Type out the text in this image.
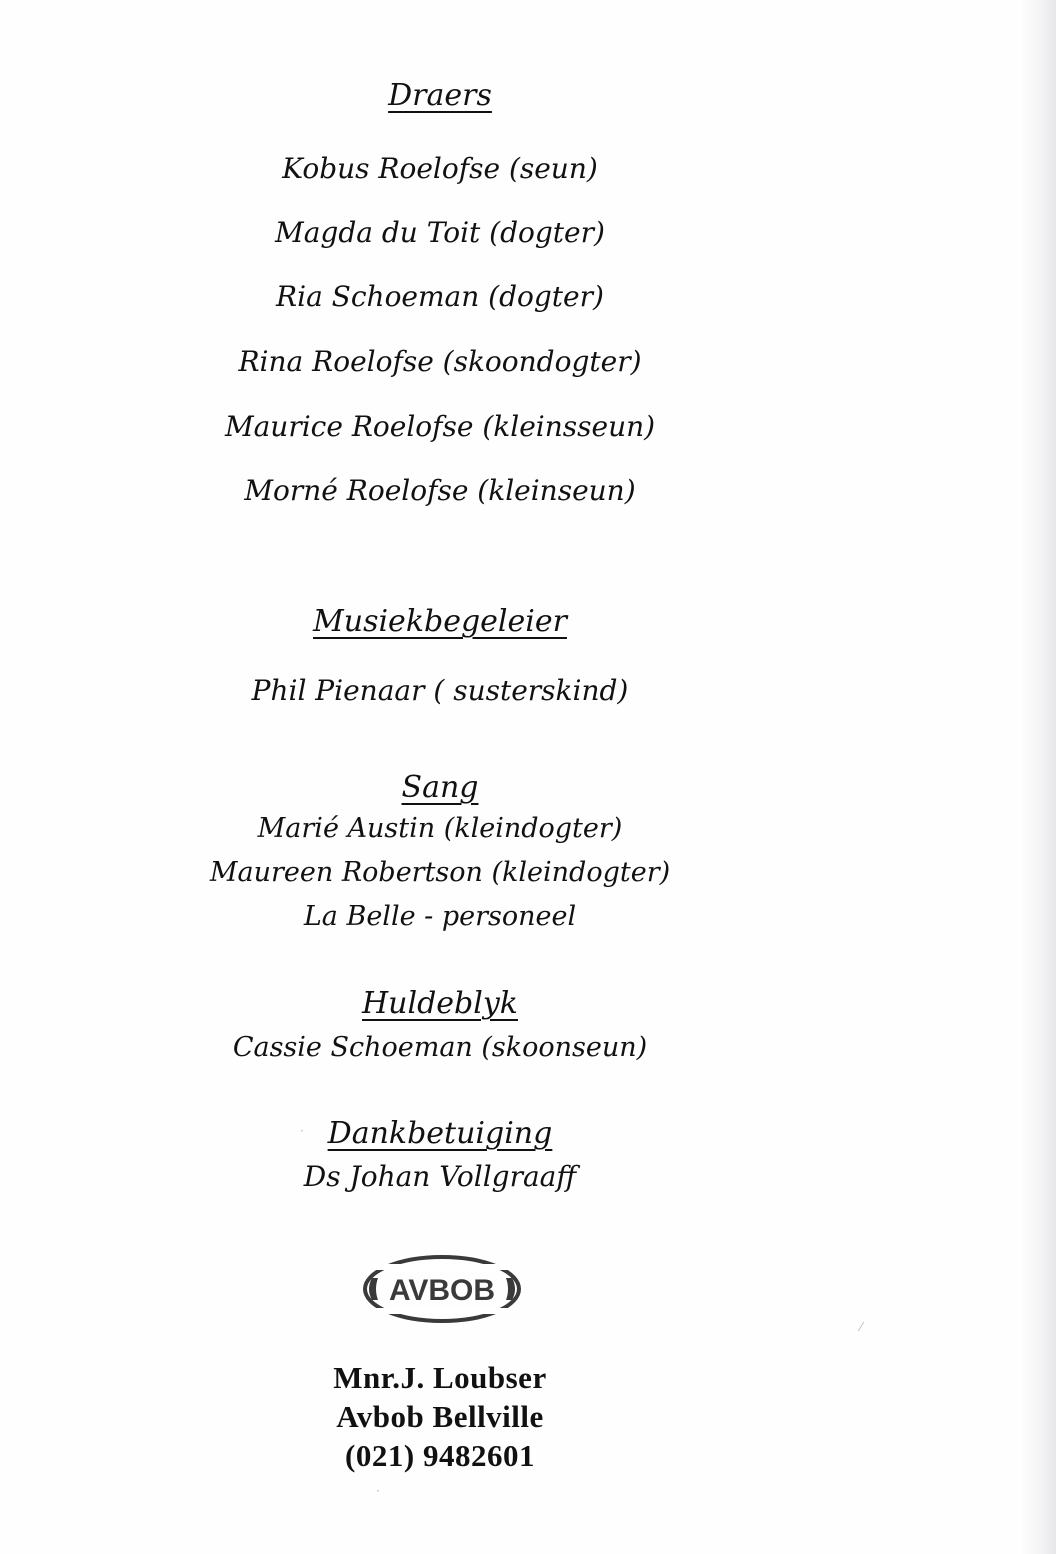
Draers
Kobus Roelofse (seun)
Magda du Toit (dogter)
Ria Schoeman (dogter)
Rina Roelofse (skoondogter)
Maurice Roelofse (kleinsseun)
Morné Roelofse (kleinseun)
Musiekbegeleier
Phil Pienaar ( susterskind)
Sang
Marié Austin (kleindogter)
Maureen Robertson (kleindogter)
La Belle - personeel
Huldeblyk
Cassie Schoeman (skoonseun)
Dankbetuiging
Ds Johan Vollgraaff
AVBOB
Mnr.J. Loubser
Avbob Bellville
(021) 9482601
⁄
·
·
